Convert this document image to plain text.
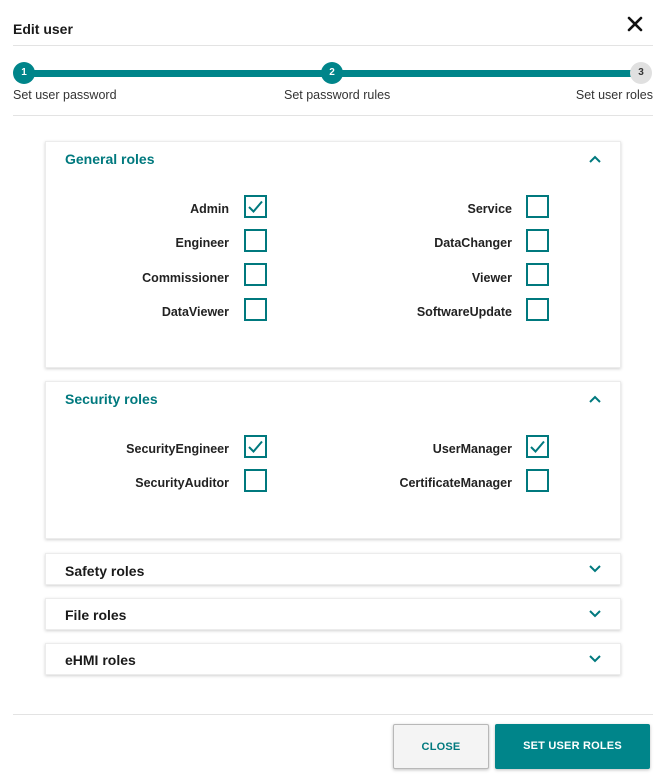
Edit user
1	2	3
Set user password	Set password rules	Set user roles
General roles
Admin	Service
Engineer	DataChanger
Commissioner	Viewer
DataViewer	SoftwareUpdate
Security roles
SecurityEngineer	UserManager
SecurityAuditor	CertificateManager
Safety roles
File roles
eHMI roles
CLOSE	SET USER ROLES
